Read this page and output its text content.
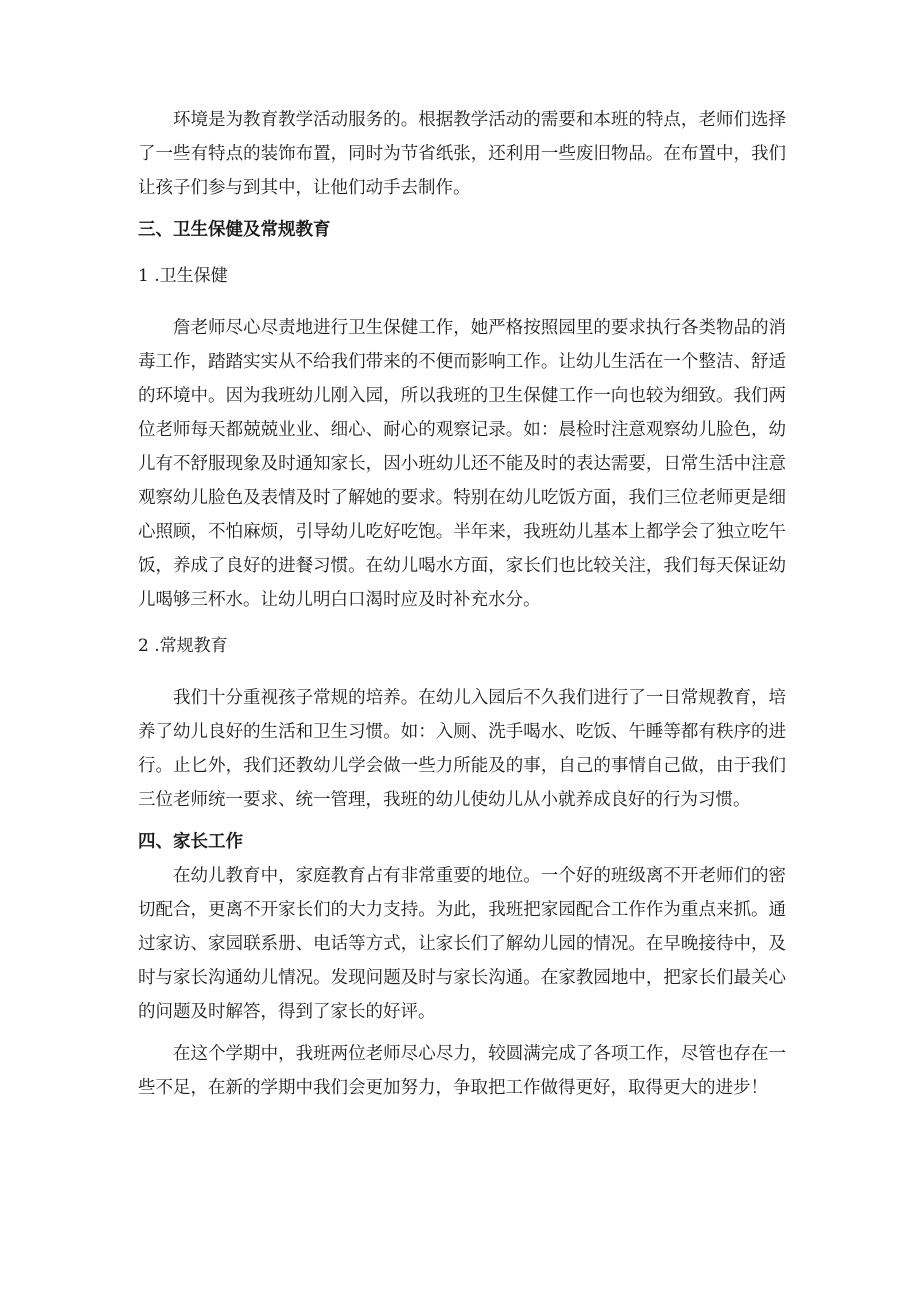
环境是为教育教学活动服务的。根据教学活动的需要和本班的特点，老师们选择了一些有特点的装饰布置，同时为节省纸张，还利用一些废旧物品。在布置中，我们让孩子们参与到其中，让他们动手去制作。

三、卫生保健及常规教育

1 .卫生保健

詹老师尽心尽责地进行卫生保健工作，她严格按照园里的要求执行各类物品的消毒工作，踏踏实实从不给我们带来的不便而影响工作。让幼儿生活在一个整洁、舒适的环境中。因为我班幼儿刚入园，所以我班的卫生保健工作一向也较为细致。我们两位老师每天都兢兢业业、细心、耐心的观察记录。如：晨检时注意观察幼儿脸色，幼儿有不舒服现象及时通知家长，因小班幼儿还不能及时的表达需要，日常生活中注意观察幼儿脸色及表情及时了解她的要求。特别在幼儿吃饭方面，我们三位老师更是细心照顾，不怕麻烦，引导幼儿吃好吃饱。半年来，我班幼儿基本上都学会了独立吃午饭，养成了良好的进餐习惯。在幼儿喝水方面，家长们也比较关注，我们每天保证幼儿喝够三杯水。让幼儿明白口渴时应及时补充水分。

2 .常规教育

我们十分重视孩子常规的培养。在幼儿入园后不久我们进行了一日常规教育，培养了幼儿良好的生活和卫生习惯。如：入厕、洗手喝水、吃饭、午睡等都有秩序的进行。止匕外，我们还教幼儿学会做一些力所能及的事，自己的事情自己做，由于我们三位老师统一要求、统一管理，我班的幼儿使幼儿从小就养成良好的行为习惯。

四、家长工作

在幼儿教育中，家庭教育占有非常重要的地位。一个好的班级离不开老师们的密切配合，更离不开家长们的大力支持。为此，我班把家园配合工作作为重点来抓。通过家访、家园联系册、电话等方式，让家长们了解幼儿园的情况。在早晚接待中，及时与家长沟通幼儿情况。发现问题及时与家长沟通。在家教园地中，把家长们最关心的问题及时解答，得到了家长的好评。

在这个学期中，我班两位老师尽心尽力，较圆满完成了各项工作，尽管也存在一些不足，在新的学期中我们会更加努力，争取把工作做得更好，取得更大的进步！
